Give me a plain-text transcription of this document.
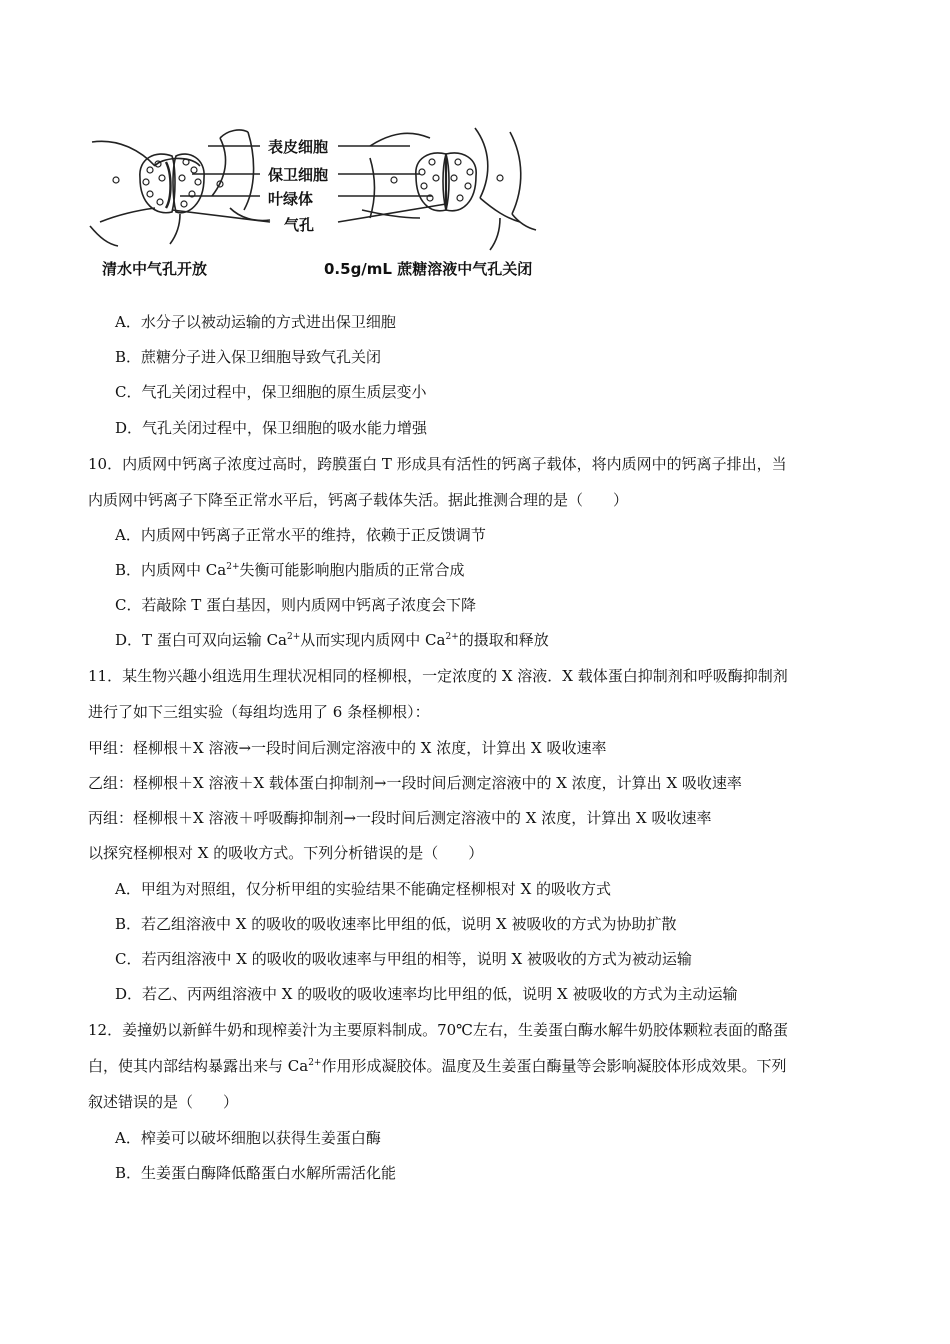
表皮细胞
保卫细胞
叶绿体
气孔
清水中气孔开放	0.5g/mL 蔗糖溶液中气孔关闭
A．水分子以被动运输的方式进出保卫细胞
B．蔗糖分子进入保卫细胞导致气孔关闭
C．气孔关闭过程中，保卫细胞的原生质层变小
D．气孔关闭过程中，保卫细胞的吸水能力增强
10．内质网中钙离子浓度过高时，跨膜蛋白 T 形成具有活性的钙离子载体，将内质网中的钙离子排出，当
内质网中钙离子下降至正常水平后，钙离子载体失活。据此推测合理的是（　　）
A．内质网中钙离子正常水平的维持，依赖于正反馈调节
B．内质网中 $Ca^{2+}$失衡可能影响胞内脂质的正常合成
C．若敲除 T 蛋白基因，则内质网中钙离子浓度会下降
D．T 蛋白可双向运输 $Ca^{2+}$从而实现内质网中 $Ca^{2+}$的摄取和释放
11．某生物兴趣小组选用生理状况相同的柽柳根，一定浓度的 X 溶液．X 载体蛋白抑制剂和呼吸酶抑制剂
进行了如下三组实验（每组均选用了 6 条柽柳根）：
甲组：柽柳根＋X 溶液→一段时间后测定溶液中的 X 浓度，计算出 X 吸收速率
乙组：柽柳根＋X 溶液＋X 载体蛋白抑制剂→一段时间后测定溶液中的 X 浓度，计算出 X 吸收速率
丙组：柽柳根＋X 溶液＋呼吸酶抑制剂→一段时间后测定溶液中的 X 浓度，计算出 X 吸收速率
以探究柽柳根对 X 的吸收方式。下列分析错误的是（　　）
A．甲组为对照组，仅分析甲组的实验结果不能确定柽柳根对 X 的吸收方式
B．若乙组溶液中 X 的吸收的吸收速率比甲组的低，说明 X 被吸收的方式为协助扩散
C．若丙组溶液中 X 的吸收的吸收速率与甲组的相等，说明 X 被吸收的方式为被动运输
D．若乙、丙两组溶液中 X 的吸收的吸收速率均比甲组的低，说明 X 被吸收的方式为主动运输
12．姜撞奶以新鲜牛奶和现榨姜汁为主要原料制成。70℃左右，生姜蛋白酶水解牛奶胶体颗粒表面的酪蛋
白，使其内部结构暴露出来与 $Ca^{2+}$作用形成凝胶体。温度及生姜蛋白酶量等会影响凝胶体形成效果。下列
叙述错误的是（　　）
A．榨姜可以破坏细胞以获得生姜蛋白酶
B．生姜蛋白酶降低酪蛋白水解所需活化能
